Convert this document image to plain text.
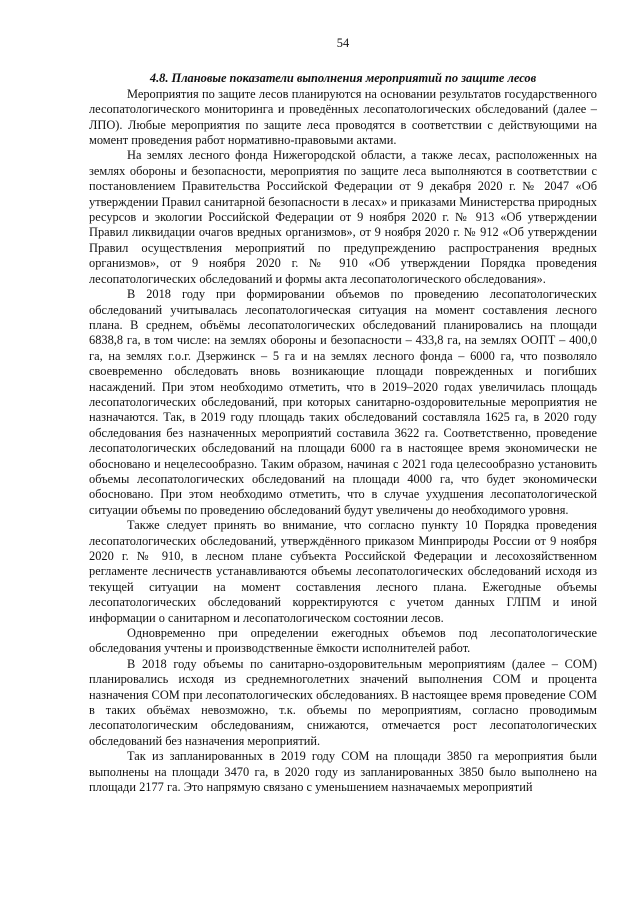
54

4.8. Плановые показатели выполнения мероприятий по защите лесов

Мероприятия по защите лесов планируются на основании результатов государственного лесопатологического мониторинга и проведённых лесопатологических обследований (далее – ЛПО). Любые мероприятия по защите леса проводятся в соответствии с действующими на момент проведения работ нормативно-правовыми актами.

На землях лесного фонда Нижегородской области, а также лесах, расположенных на землях обороны и безопасности, мероприятия по защите леса выполняются в соответствии с постановлением Правительства Российской Федерации от 9 декабря 2020 г. № 2047 «Об утверждении Правил санитарной безопасности в лесах» и приказами Министерства природных ресурсов и экологии Российской Федерации от 9 ноября 2020 г. № 913 «Об утверждении Правил ликвидации очагов вредных организмов», от 9 ноября 2020 г. № 912 «Об утверждении Правил осуществления мероприятий по предупреждению распространения вредных организмов», от 9 ноября 2020 г. № 910 «Об утверждении Порядка проведения лесопатологических обследований и формы акта лесопатологического обследования».

В 2018 году при формировании объемов по проведению лесопатологических обследований учитывалась лесопатологическая ситуация на момент составления лесного плана. В среднем, объёмы лесопатологических обследований планировались на площади 6838,8 га, в том числе: на землях обороны и безопасности – 433,8 га, на землях ООПТ – 400,0 га, на землях г.о.г. Дзержинск – 5 га и на землях лесного фонда – 6000 га, что позволяло своевременно обследовать вновь возникающие площади поврежденных и погибших насаждений. При этом необходимо отметить, что в 2019–2020 годах увеличилась площадь лесопатологических обследований, при которых санитарно-оздоровительные мероприятия не назначаются. Так, в 2019 году площадь таких обследований составляла 1625 га, в 2020 году обследования без назначенных мероприятий составила 3622 га. Соответственно, проведение лесопатологических обследований на площади 6000 га в настоящее время экономически не обосновано и нецелесообразно. Таким образом, начиная с 2021 года целесообразно установить объемы лесопатологических обследований на площади 4000 га, что будет экономически обосновано. При этом необходимо отметить, что в случае ухудшения лесопатологической ситуации объемы по проведению обследований будут увеличены до необходимого уровня.

Также следует принять во внимание, что согласно пункту 10 Порядка проведения лесопатологических обследований, утверждённого приказом Минприроды России от 9 ноября 2020 г. № 910, в лесном плане субъекта Российской Федерации и лесохозяйственном регламенте лесничеств устанавливаются объемы лесопатологических обследований исходя из текущей ситуации на момент составления лесного плана. Ежегодные объемы лесопатологических обследований корректируются с учетом данных ГЛПМ и иной информации о санитарном и лесопатологическом состоянии лесов.

Одновременно при определении ежегодных объемов под лесопатологические обследования учтены и производственные ёмкости исполнителей работ.

В 2018 году объемы по санитарно-оздоровительным мероприятиям (далее – СОМ) планировались исходя из среднемноголетних значений выполнения СОМ и процента назначения СОМ при лесопатологических обследованиях. В настоящее время проведение СОМ в таких объёмах невозможно, т.к. объемы по мероприятиям, согласно проводимым лесопатологическим обследованиям, снижаются, отмечается рост лесопатологических обследований без назначения мероприятий.

Так из запланированных в 2019 году СОМ на площади 3850 га мероприятия были выполнены на площади 3470 га, в 2020 году из запланированных 3850 было выполнено на площади 2177 га. Это напрямую связано с уменьшением назначаемых мероприятий
